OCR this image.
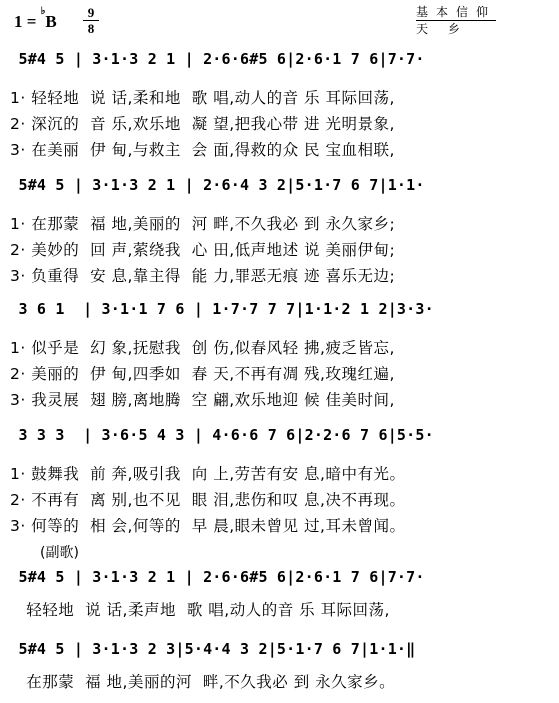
1 = ♭B	9
8
基本信仰
天 乡
5#4 5 | 3·1·3 2 1 | 2·6·6#5 6|2·6·1 7 6|7·7·
1· 轻轻地  说 话,柔和地  歌 唱,动人的音 乐 耳际回荡,
2· 深沉的  音 乐,欢乐地  凝 望,把我心带 进 光明景象,
3· 在美丽  伊 甸,与救主  会 面,得救的众 民 宝血相联,
5#4 5 | 3·1·3 2 1 | 2·6·4 3 2|5·1·7 6 7|1·1·
1· 在那蒙  福 地,美丽的  河 畔,不久我必 到 永久家乡;
2· 美妙的  回 声,萦绕我  心 田,低声地述 说 美丽伊甸;
3· 负重得  安 息,靠主得  能 力,罪恶无痕 迹 喜乐无边;
3 6 1  | 3·1·1 7 6 | 1·7·7 7 7|1·1·2 1 2|3·3·
1· 似乎是  幻 象,抚慰我  创 伤,似春风轻 拂,疲乏皆忘,
2· 美丽的  伊 甸,四季如  春 天,不再有凋 残,玫瑰红遍,
3· 我灵展  翅 膀,离地腾  空 翩,欢乐地迎 候 佳美时间,
3 3 3  | 3·6·5 4 3 | 4·6·6 7 6|2·2·6 7 6|5·5·
1· 鼓舞我  前 奔,吸引我  向 上,劳苦有安 息,暗中有光。
2· 不再有  离 别,也不见  眼 泪,悲伤和叹 息,决不再现。
3· 何等的  相 会,何等的  早 晨,眼未曾见 过,耳未曾闻。
(副歌)
5#4 5 | 3·1·3 2 1 | 2·6·6#5 6|2·6·1 7 6|7·7·
轻轻地  说 话,柔声地  歌 唱,动人的音 乐 耳际回荡,
5#4 5 | 3·1·3 2 3|5·4·4 3 2|5·1·7 6 7|1·1·‖
在那蒙  福 地,美丽的河  畔,不久我必 到 永久家乡。
